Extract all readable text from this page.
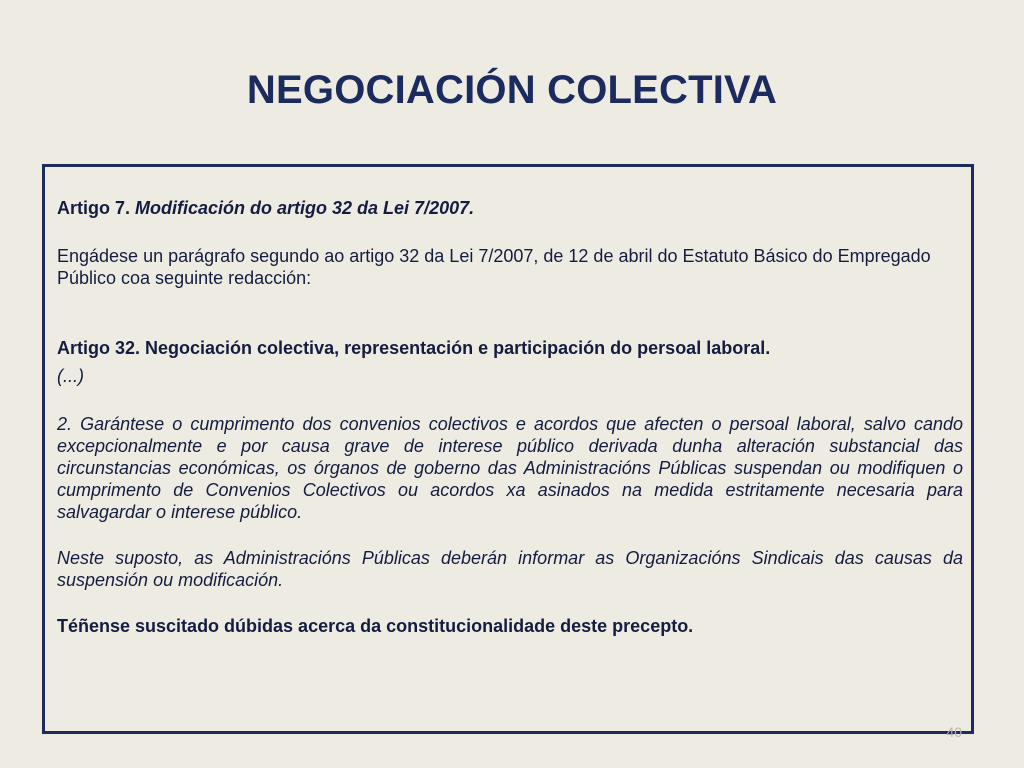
NEGOCIACIÓN COLECTIVA

Artigo 7. Modificación do artigo 32 da Lei 7/2007.

Engádese un parágrafo segundo ao artigo 32 da Lei 7/2007, de 12 de abril do Estatuto Básico do Empregado Público coa seguinte redacción:

Artigo 32. Negociación colectiva, representación e participación do persoal laboral.

(...)

2. Garántese o cumprimento dos convenios colectivos e acordos que afecten o persoal laboral, salvo cando excepcionalmente e por causa grave de interese público derivada dunha alteración substancial das circunstancias económicas, os órganos de goberno das Administracións Públicas suspendan ou modifiquen o cumprimento de Convenios Colectivos ou acordos xa asinados na medida estritamente necesaria para salvagardar o interese público.

Neste suposto, as Administracións Públicas deberán informar as Organizacións Sindicais das causas da suspensión ou modificación.

Téñense suscitado dúbidas acerca da constitucionalidade deste precepto.

40
